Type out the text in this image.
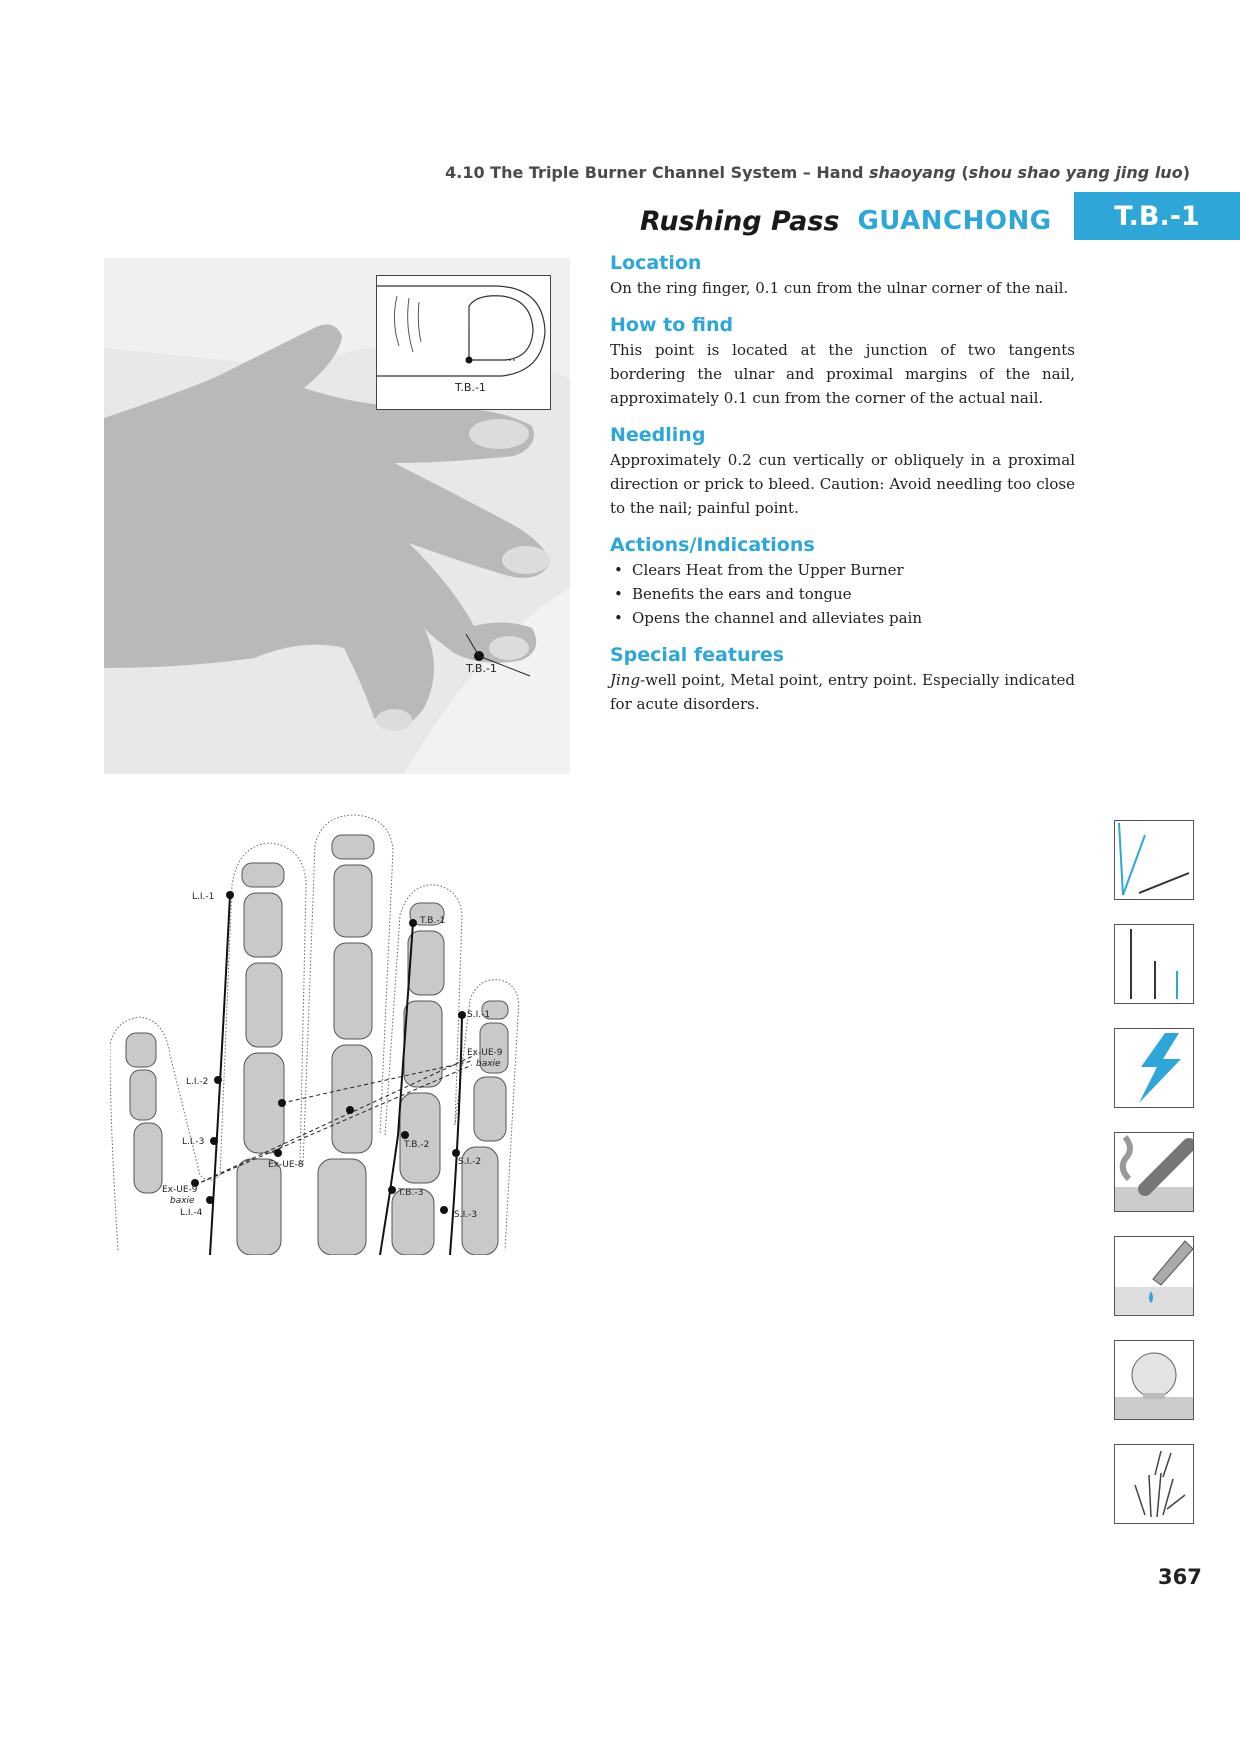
4.10 The Triple Burner Channel System – Hand shaoyang (shou shao yang jing luo)
Rushing Pass GUANCHONG T.B.-1
T.B.-1
T.B.-1
Location

On the ring finger, 0.1 cun from the ulnar corner of the nail.

How to find

This point is located at the junction of two tangents bordering the ulnar and proximal margins of the nail, approximately 0.1 cun from the corner of the actual nail.

Needling

Approximately 0.2 cun vertically or obliquely in a proximal direction or prick to bleed. Caution: Avoid needling too close to the nail; painful point.

Actions/Indications
• Clears Heat from the Upper Burner
• Benefits the ears and tongue
• Opens the channel and alleviates pain
Special features

Jing-well point, Metal point, entry point. Especially indicated for acute disorders.

L.I.-1
T.B.-1
S.I.-1
Ex-UE-9
baxie
L.I.-2
L.I.-3
Ex-UE-8
T.B.-2
S.I.-2
Ex-UE-9
baxie
L.I.-4
T.B.-3
S.I.-3
367
